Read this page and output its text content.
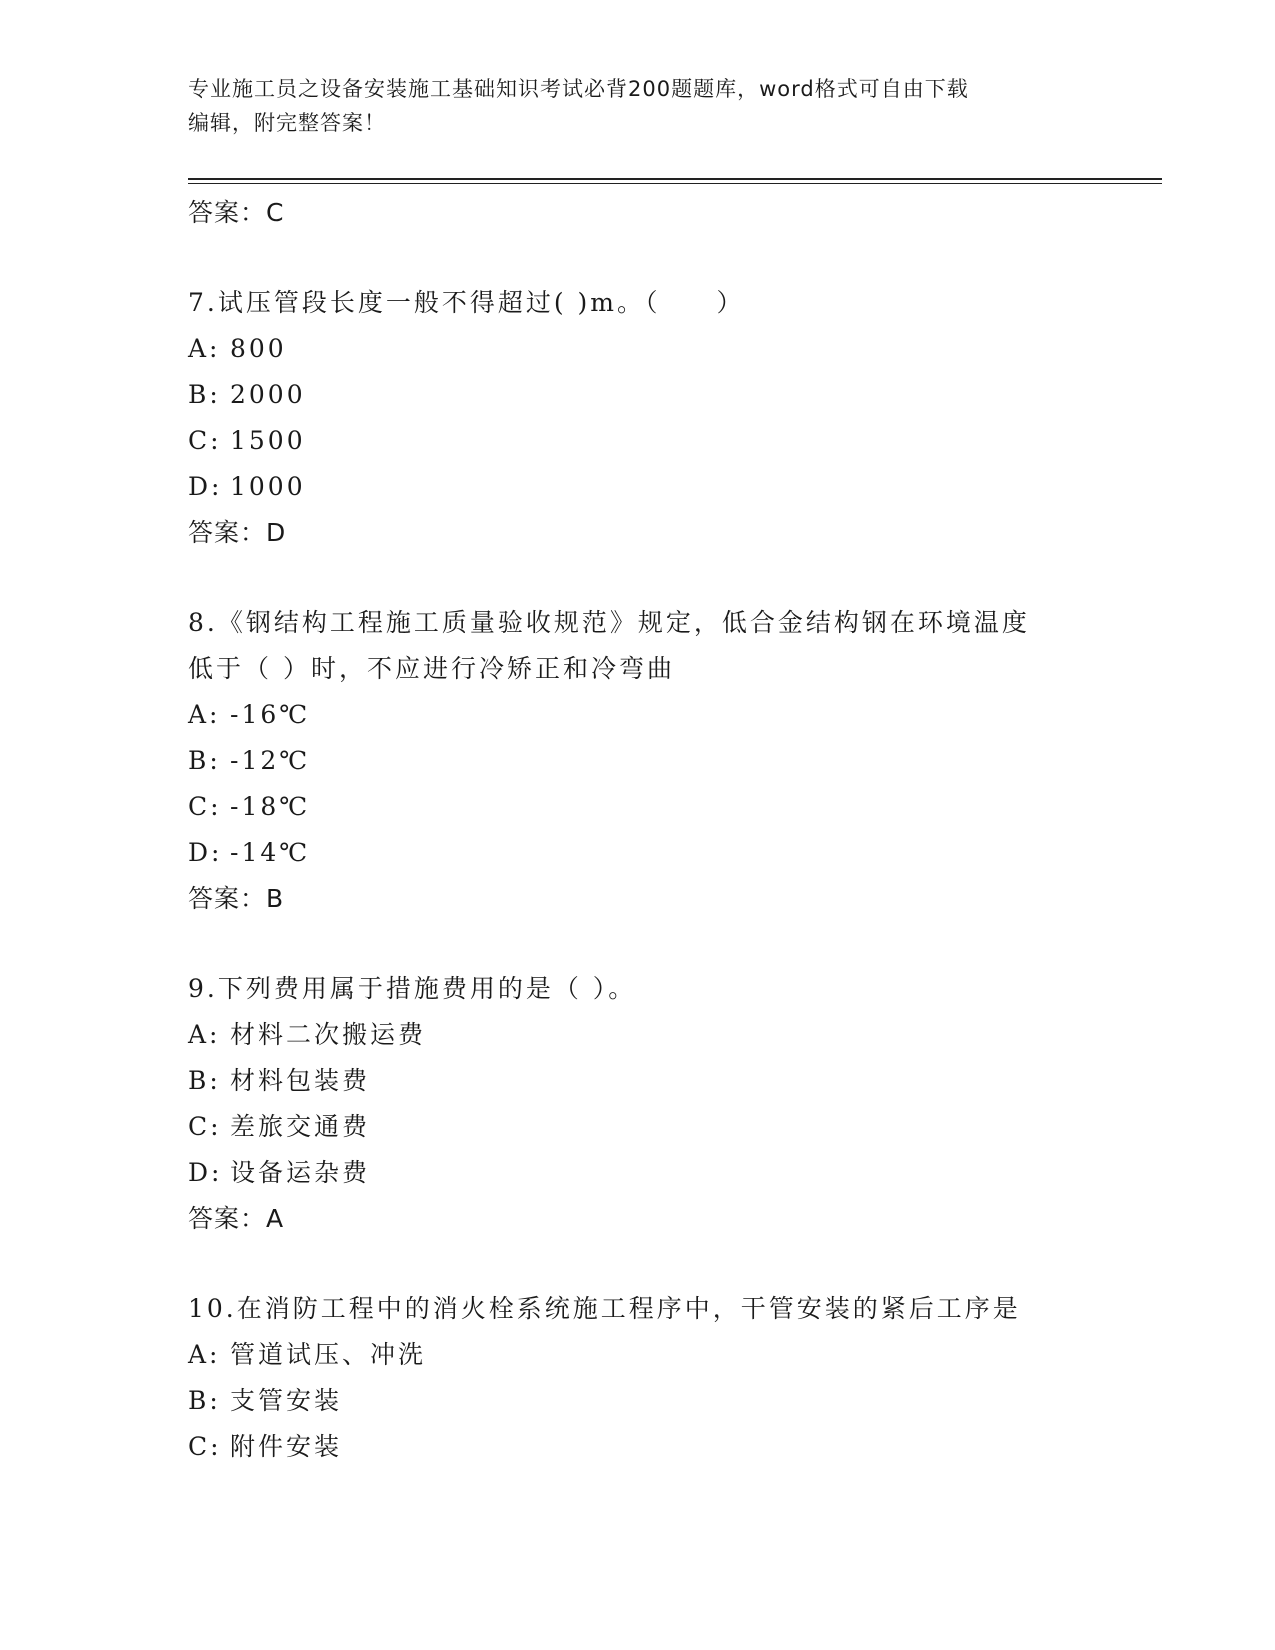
专业施工员之设备安装施工基础知识考试必背200题题库，word格式可自由下载
编辑，附完整答案！
答案：C
7.试压管段长度一般不得超过( )m。（　　）
A: 800
B: 2000
C: 1500
D: 1000
答案：D
8.《钢结构工程施工质量验收规范》规定，低合金结构钢在环境温度
低于（ ）时，不应进行冷矫正和冷弯曲
A: -16℃
B: -12℃
C: -18℃
D: -14℃
答案：B
9.下列费用属于措施费用的是（ ）。
A: 材料二次搬运费
B: 材料包装费
C: 差旅交通费
D: 设备运杂费
答案：A
10.在消防工程中的消火栓系统施工程序中，干管安装的紧后工序是
A: 管道试压、冲洗
B: 支管安装
C: 附件安装
